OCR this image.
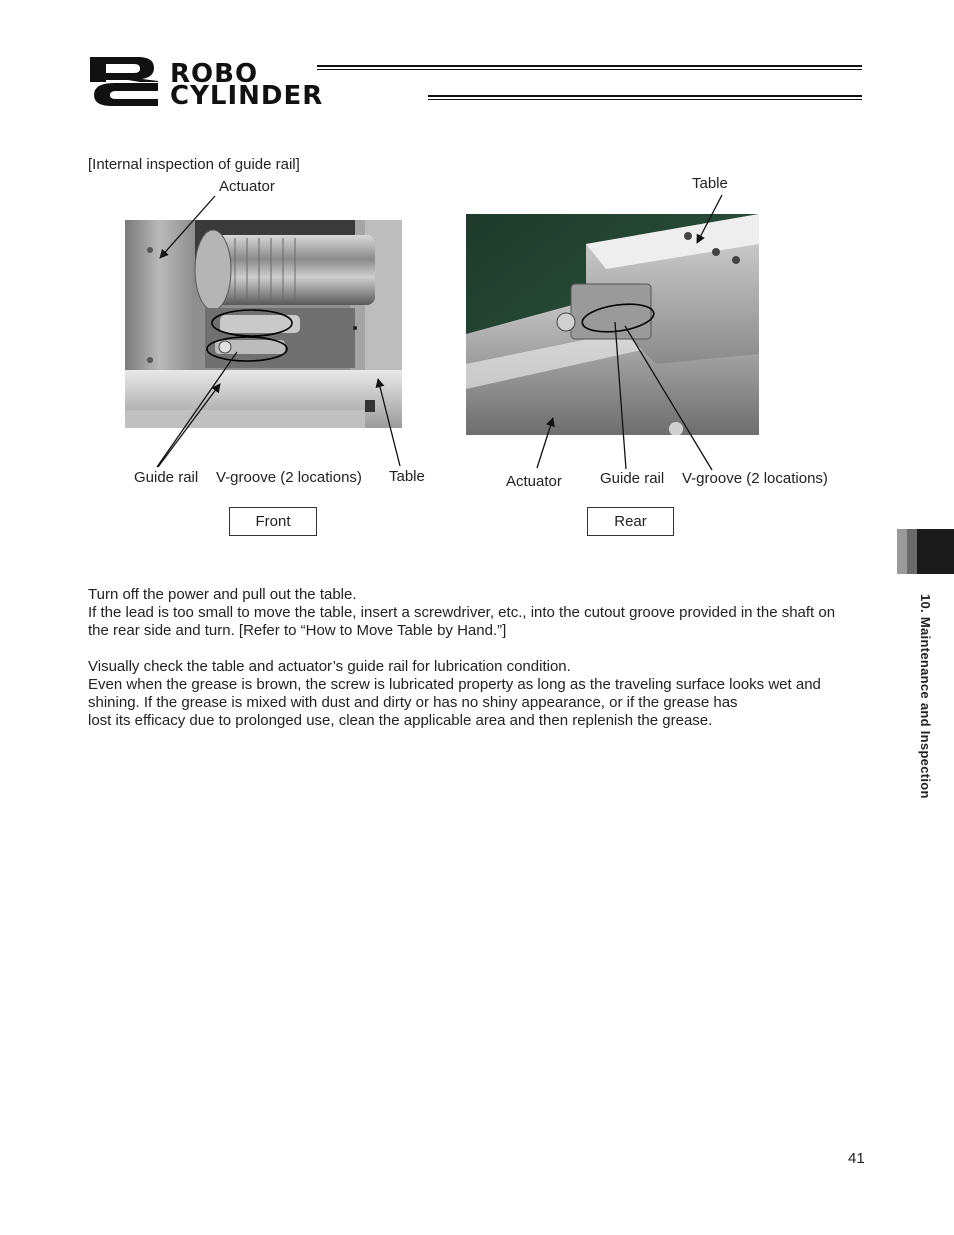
ROBO
CYLINDER
[Internal inspection of guide rail]
Actuator
Guide rail V-groove (2 locations) Table
Table
Actuator	Guide rail V-groove (2 locations)
Front	Rear

Turn off the power and pull out the table.

If the lead is too small to move the table, insert a screwdriver, etc., into the cutout groove provided in the shaft on

the rear side and turn. [Refer to “How to Move Table by Hand.”]

Visually check the table and actuator’s guide rail for lubrication condition.

Even when the grease is brown, the screw is lubricated property as long as the traveling surface looks wet and

shining. If the grease is mixed with dust and dirty or has no shiny appearance, or if the grease has

lost its efficacy due to prolonged use, clean the applicable area and then replenish the grease.	10. Maintenance and Inspection
41
